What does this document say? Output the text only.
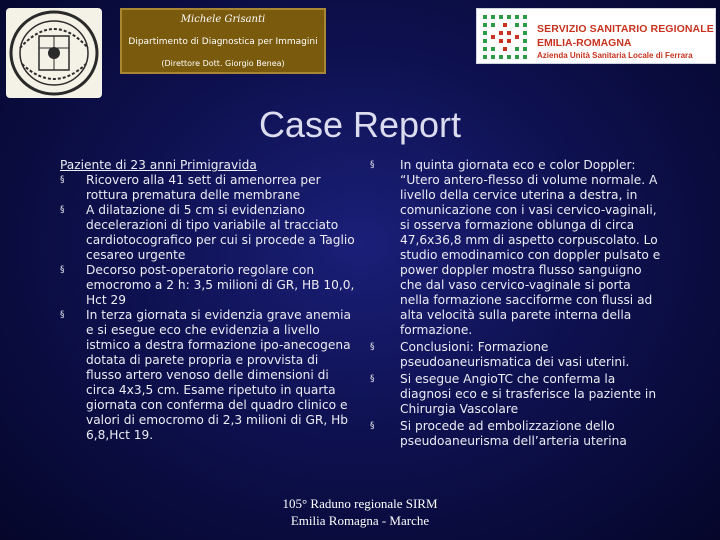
Michele Grisanti
Dipartimento di Diagnostica per Immagini
(Direttore Dott. Giorgio Benea)
SERVIZIO SANITARIO REGIONALE
EMILIA-ROMAGNA
Azienda Unità Sanitaria Locale di Ferrara
Case Report
Paziente di 23 anni Primigravida
§ Ricovero alla 41 sett di amenorrea per rottura prematura delle membrane
§ A dilatazione di 5 cm si evidenziano decelerazioni di tipo variabile al tracciato cardiotocografico per cui si procede a Taglio cesareo urgente
§ Decorso post-operatorio regolare con emocromo a 2 h: 3,5 milioni di GR, HB 10,0, Hct 29
§ In terza giornata si evidenzia grave anemia e si esegue eco che evidenzia a livello istmico a destra formazione ipo-anecogena dotata di parete propria e provvista di flusso artero venoso delle dimensioni di circa 4x3,5 cm. Esame ripetuto in quarta giornata con conferma del quadro clinico e valori di emocromo di 2,3 milioni di GR, Hb 6,8,Hct 19.
§ In quinta giornata eco e color Doppler: “Utero antero-flesso di volume normale. A livello della cervice uterina a destra, in comunicazione con i vasi cervico-vaginali, si osserva formazione oblunga di circa 47,6x36,8 mm di aspetto corpuscolato. Lo studio emodinamico con doppler pulsato e power doppler mostra flusso sanguigno che dal vaso cervico-vaginale si porta nella formazione sacciforme con flussi ad alta velocità sulla parete interna della formazione.
§ Conclusioni: Formazione pseudoaneurismatica dei vasi uterini.
§ Si esegue AngioTC che conferma la diagnosi eco e si trasferisce la paziente in Chirurgia Vascolare
§ Si procede ad embolizzazione dello pseudoaneurisma dell’arteria uterina
105° Raduno regionale SIRM
Emilia Romagna - Marche
